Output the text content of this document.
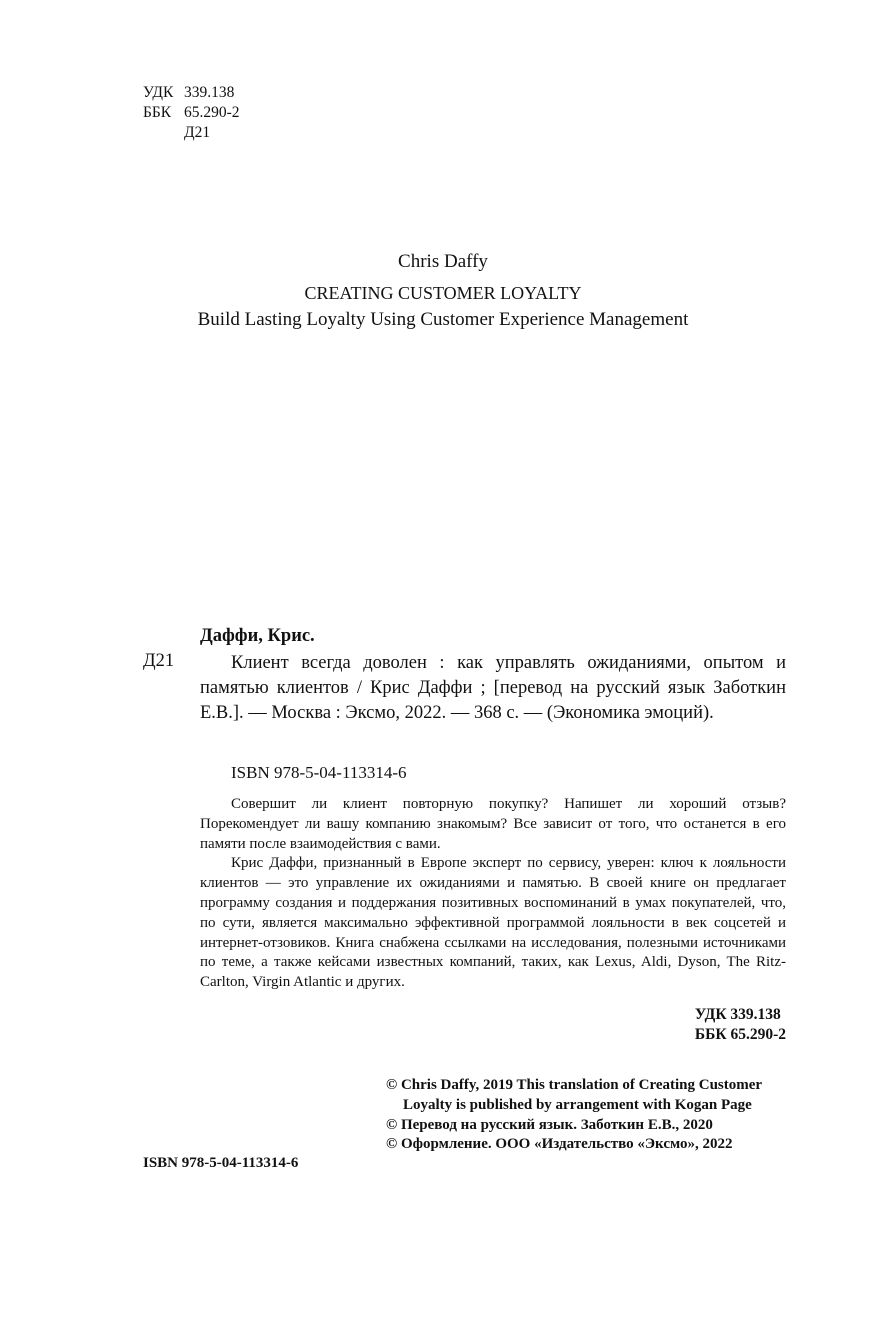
УДК 339.138
ББК 65.290-2
Д21
Chris Daffy
CREATING CUSTOMER LOYALTY
Build Lasting Loyalty Using Customer Experience Management
Даффи, Крис.
Д21	Клиент всегда доволен : как управлять ожиданиями, опытом и памятью клиентов / Крис Даффи ; [перевод на русский язык Заботкин Е.В.]. — Москва : Эксмо, 2022. — 368 с. — (Экономика эмоций).
ISBN 978-5-04-113314-6

Совершит ли клиент повторную покупку? Напишет ли хороший отзыв? Порекомендует ли вашу компанию знакомым? Все зависит от того, что останется в его памяти после взаимодействия с вами.

Крис Даффи, признанный в Европе эксперт по сервису, уверен: ключ к лояльности клиентов — это управление их ожиданиями и памятью. В своей книге он предлагает программу создания и поддержания позитивных воспоминаний в умах покупателей, что, по сути, является максимально эффективной программой лояльности в век соцсетей и интернет-отзовиков. Книга снабжена ссылками на исследования, полезными источниками по теме, а также кейсами известных компаний, таких, как Lexus, Aldi, Dyson, The Ritz-Carlton, Virgin Atlantic и других.

УДК 339.138
ББК 65.290-2
© Chris Daffy, 2019 This translation of Creating Customer Loyalty is published by arrangement with Kogan Page
© Перевод на русский язык. Заботкин Е.В., 2020
© Оформление. ООО «Издательство «Эксмо», 2022
ISBN 978-5-04-113314-6
